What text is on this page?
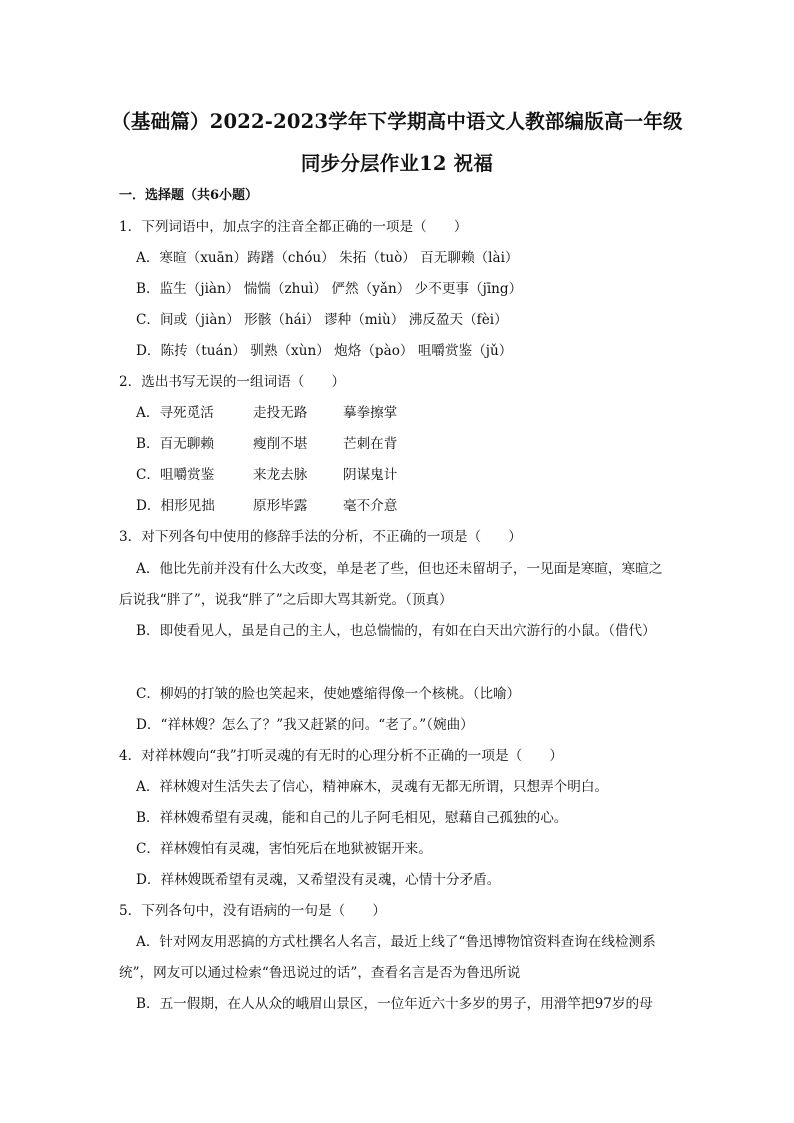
（基础篇）2022-2023学年下学期高中语文人教部编版高一年级
同步分层作业12 祝福
一．选择题（共6小题）
1．下列词语中，加点字的注音全都正确的一项是（　　）
A．寒暄（xuān）踌躇（chóu） 朱拓（tuò） 百无聊赖（lài）
B．监生（jiàn） 惴惴（zhuì） 俨然（yǎn） 少不更事（jīng）
C．间或（jiàn） 形骸（hái） 谬种（miù） 沸反盈天（fèi）
D．陈抟（tuán） 驯熟（xùn） 炮烙（pào） 咀嚼赏鉴（jǔ）
2．选出书写无误的一组词语（　　）
A．寻死觅活	走投无路	摹拳擦掌
B．百无聊赖	瘦削不堪	芒刺在背
C．咀嚼赏鉴	来龙去脉	阴谋鬼计
D．相形见拙	原形毕露	毫不介意
3．对下列各句中使用的修辞手法的分析，不正确的一项是（　　）
A．他比先前并没有什么大改变，单是老了些，但也还未留胡子，一见面是寒暄，寒暄之
后说我“胖了”，说我“胖了”之后即大骂其新党。（顶真）
B．即使看见人，虽是自己的主人，也总惴惴的，有如在白天出穴游行的小鼠。（借代）
C．柳妈的打皱的脸也笑起来，使她蹙缩得像一个核桃。（比喻）
D．“祥林嫂？怎么了？”我又赶紧的问。“老了。”（婉曲）
4．对祥林嫂向“我”打听灵魂的有无时的心理分析不正确的一项是（　　）
A．祥林嫂对生活失去了信心，精神麻木，灵魂有无都无所谓，只想弄个明白。
B．祥林嫂希望有灵魂，能和自己的儿子阿毛相见，慰藉自己孤独的心。
C．祥林嫂怕有灵魂，害怕死后在地狱被锯开来。
D．祥林嫂既希望有灵魂，又希望没有灵魂，心情十分矛盾。
5．下列各句中，没有语病的一句是（　　）
A．针对网友用恶搞的方式杜撰名人名言，最近上线了“鲁迅博物馆资料查询在线检测系
统”，网友可以通过检索“鲁迅说过的话”，查看名言是否为鲁迅所说
B．五一假期，在人从众的峨眉山景区，一位年近六十多岁的男子，用滑竿把97岁的母
